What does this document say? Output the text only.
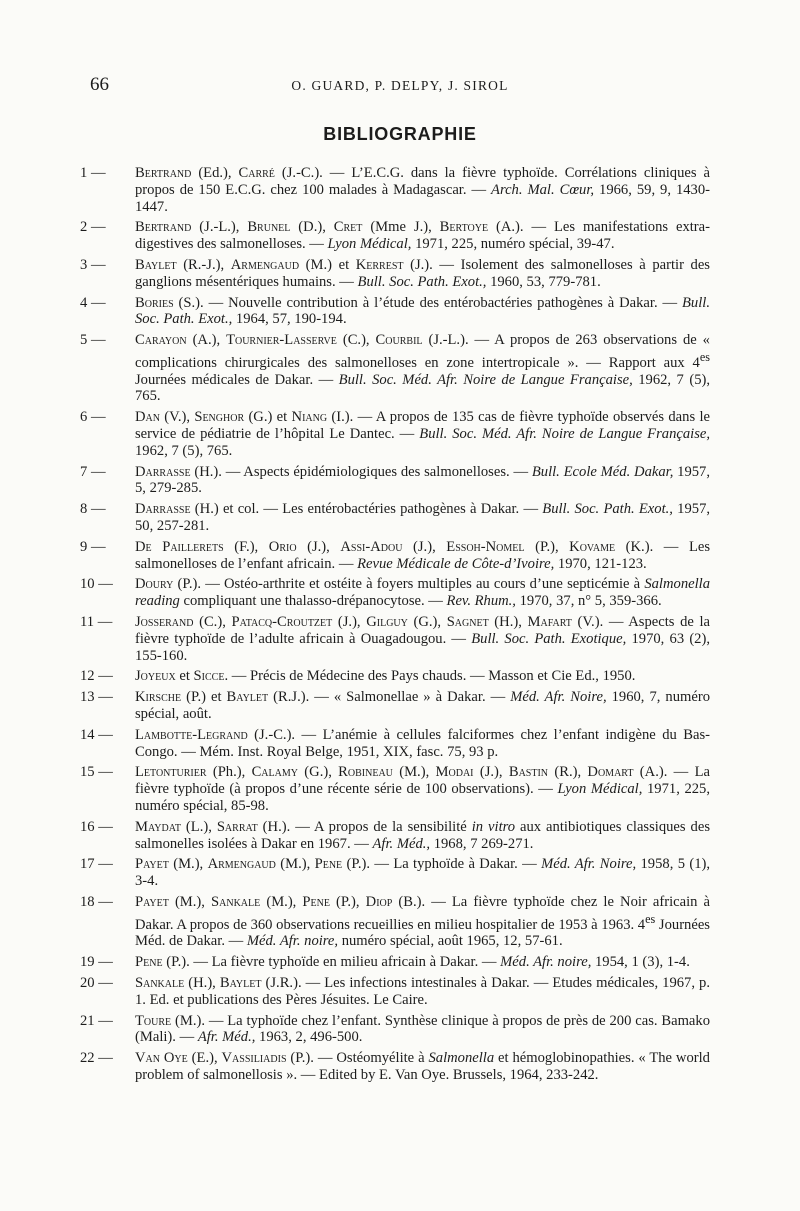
66	O. GUARD, P. DELPY, J. SIROL
BIBLIOGRAPHIE
1 —	Bertrand (Ed.), Carré (J.-C.). — L’E.C.G. dans la fièvre typhoïde. Corrélations cliniques à propos de 150 E.C.G. chez 100 malades à Madagascar. — Arch. Mal. Cœur, 1966, 59, 9, 1430-1447.
2 —	Bertrand (J.-L.), Brunel (D.), Cret (Mme J.), Bertoye (A.). — Les manifestations extra-digestives des salmonelloses. — Lyon Médical, 1971, 225, numéro spécial, 39-47.
3 —	Baylet (R.-J.), Armengaud (M.) et Kerrest (J.). — Isolement des salmonelloses à partir des ganglions mésentériques humains. — Bull. Soc. Path. Exot., 1960, 53, 779-781.
4 —	Bories (S.). — Nouvelle contribution à l’étude des entérobactéries pathogènes à Dakar. — Bull. Soc. Path. Exot., 1964, 57, 190-194.
5 —	Carayon (A.), Tournier-Lasserve (C.), Courbil (J.-L.). — A propos de 263 observations de « complications chirurgicales des salmonelloses en zone intertropicale ». — Rapport aux $4^{es}$ Journées médicales de Dakar. — Bull. Soc. Méd. Afr. Noire de Langue Française, 1962, 7 (5), 765.
6 —	Dan (V.), Senghor (G.) et Niang (I.). — A propos de 135 cas de fièvre typhoïde observés dans le service de pédiatrie de l’hôpital Le Dantec. — Bull. Soc. Méd. Afr. Noire de Langue Française, 1962, 7 (5), 765.
7 —	Darrasse (H.). — Aspects épidémiologiques des salmonelloses. — Bull. Ecole Méd. Dakar, 1957, 5, 279-285.
8 —	Darrasse (H.) et col. — Les entérobactéries pathogènes à Dakar. — Bull. Soc. Path. Exot., 1957, 50, 257-281.
9 —	De Paillerets (F.), Orio (J.), Assi-Adou (J.), Essoh-Nomel (P.), Kovame (K.). — Les salmonelloses de l’enfant africain. — Revue Médicale de Côte-d’Ivoire, 1970, 121-123.
10 —	Doury (P.). — Ostéo-arthrite et ostéite à foyers multiples au cours d’une septicémie à Salmonella reading compliquant une thalasso-drépanocytose. — Rev. Rhum., 1970, 37, n° 5, 359-366.
11 —	Josserand (C.), Patacq-Croutzet (J.), Gilguy (G.), Sagnet (H.), Mafart (V.). — Aspects de la fièvre typhoïde de l’adulte africain à Ouagadougou. — Bull. Soc. Path. Exotique, 1970, 63 (2), 155-160.
12 —	Joyeux et Sicce. — Précis de Médecine des Pays chauds. — Masson et Cie Ed., 1950.
13 —	Kirsche (P.) et Baylet (R.J.). — « Salmonellae » à Dakar. — Méd. Afr. Noire, 1960, 7, numéro spécial, août.
14 —	Lambotte-Legrand (J.-C.). — L’anémie à cellules falciformes chez l’enfant indigène du Bas-Congo. — Mém. Inst. Royal Belge, 1951, XIX, fasc. 75, 93 p.
15 —	Letonturier (Ph.), Calamy (G.), Robineau (M.), Modai (J.), Bastin (R.), Domart (A.). — La fièvre typhoïde (à propos d’une récente série de 100 observations). — Lyon Médical, 1971, 225, numéro spécial, 85-98.
16 —	Maydat (L.), Sarrat (H.). — A propos de la sensibilité in vitro aux antibiotiques classiques des salmonelles isolées à Dakar en 1967. — Afr. Méd., 1968, 7 269-271.
17 —	Payet (M.), Armengaud (M.), Pene (P.). — La typhoïde à Dakar. — Méd. Afr. Noire, 1958, 5 (1), 3-4.
18 —	Payet (M.), Sankale (M.), Pene (P.), Diop (B.). — La fièvre typhoïde chez le Noir africain à Dakar. A propos de 360 observations recueillies en milieu hospitalier de 1953 à 1963. $4^{es}$ Journées Méd. de Dakar. — Méd. Afr. noire, numéro spécial, août 1965, 12, 57-61.
19 —	Pene (P.). — La fièvre typhoïde en milieu africain à Dakar. — Méd. Afr. noire, 1954, 1 (3), 1-4.
20 —	Sankale (H.), Baylet (J.R.). — Les infections intestinales à Dakar. — Etudes médicales, 1967, p. 1. Ed. et publications des Pères Jésuites. Le Caire.
21 —	Toure (M.). — La typhoïde chez l’enfant. Synthèse clinique à propos de près de 200 cas. Bamako (Mali). — Afr. Méd., 1963, 2, 496-500.
22 —	Van Oye (E.), Vassiliadis (P.). — Ostéomyélite à Salmonella et hémoglobinopathies. « The world problem of salmonellosis ». — Edited by E. Van Oye. Brussels, 1964, 233-242.
